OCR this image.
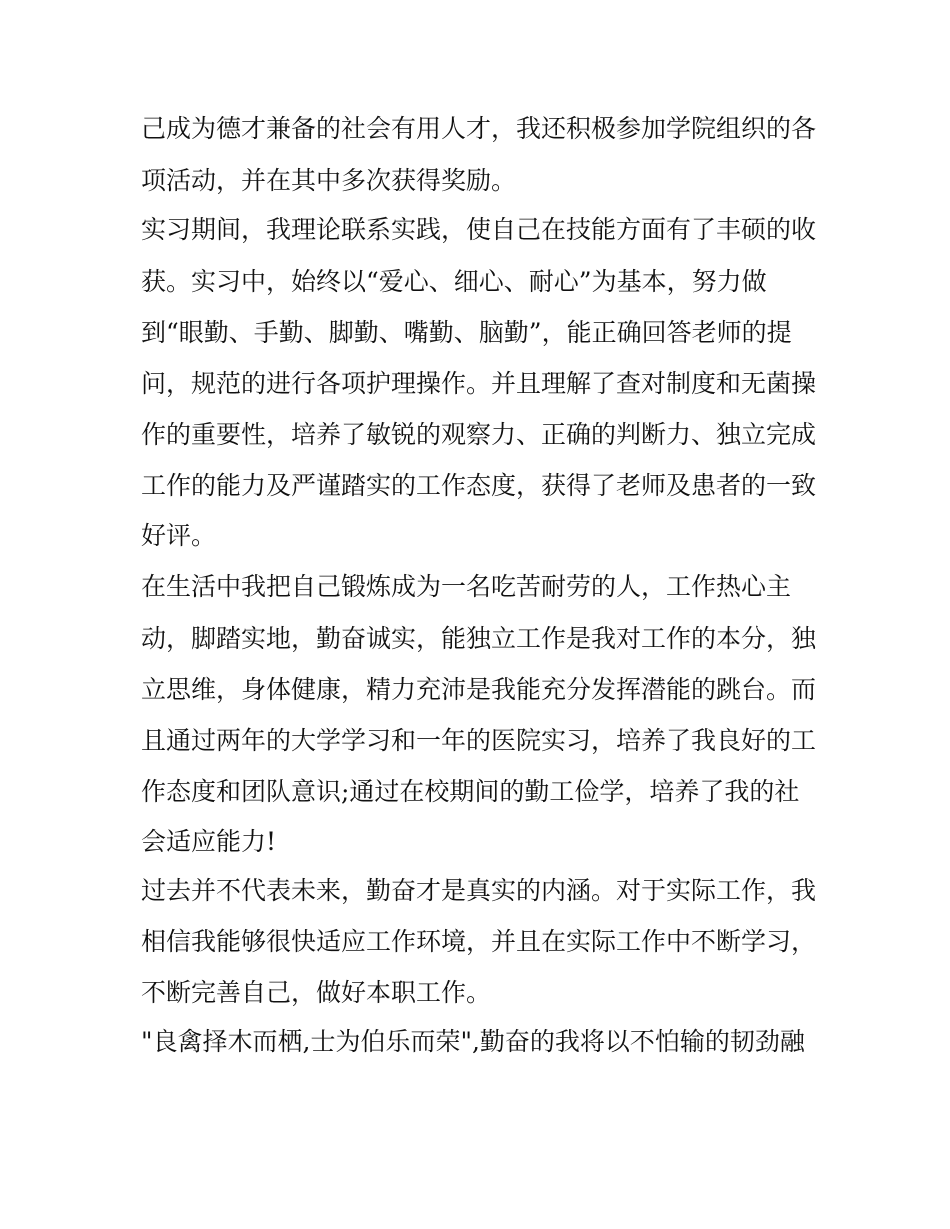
己成为德才兼备的社会有用人才，我还积极参加学院组织的各
项活动，并在其中多次获得奖励。
实习期间，我理论联系实践，使自己在技能方面有了丰硕的收
获。实习中，始终以“爱心、细心、耐心”为基本，努力做
到“眼勤、手勤、脚勤、嘴勤、脑勤”，能正确回答老师的提
问，规范的进行各项护理操作。并且理解了查对制度和无菌操
作的重要性，培养了敏锐的观察力、正确的判断力、独立完成
工作的能力及严谨踏实的工作态度，获得了老师及患者的一致
好评。
在生活中我把自己锻炼成为一名吃苦耐劳的人，工作热心主
动，脚踏实地，勤奋诚实，能独立工作是我对工作的本分，独
立思维，身体健康，精力充沛是我能充分发挥潜能的跳台。而
且通过两年的大学学习和一年的医院实习，培养了我良好的工
作态度和团队意识;通过在校期间的勤工俭学，培养了我的社
会适应能力!
过去并不代表未来，勤奋才是真实的内涵。对于实际工作，我
相信我能够很快适应工作环境，并且在实际工作中不断学习，
不断完善自己，做好本职工作。
"良禽择木而栖,士为伯乐而荣",勤奋的我将以不怕输的韧劲融
